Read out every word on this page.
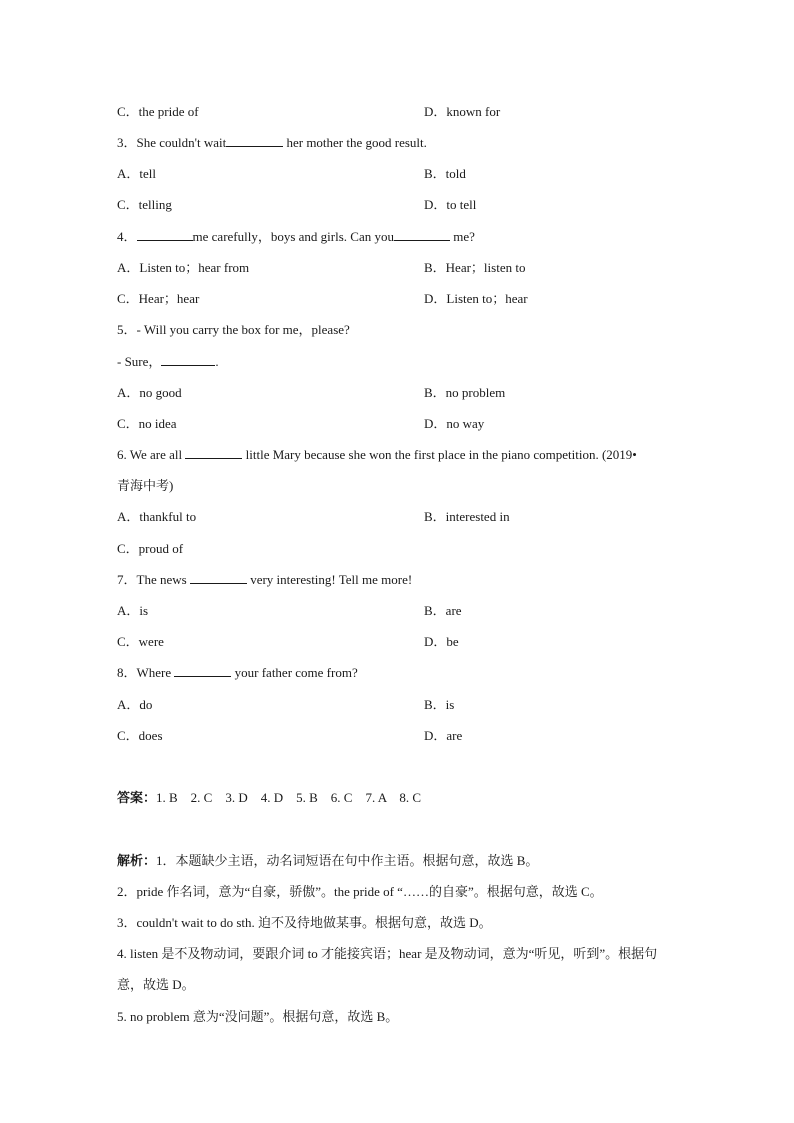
C．the pride of	D．known for
3．She couldn't wait	her mother the good result.
A．tell	B．told
C．telling	D．to tell
4．	me carefully，boys and girls. Can you	me?
A．Listen to；hear from	B．Hear；listen to
C．Hear；hear	D．Listen to；hear
5．- Will you carry the box for me，please?
- Sure，	.
A．no good	B．no problem
C．no idea	D．no way
6. We are all	little Mary because she won the first place in the piano competition. (2019•
青海中考)
A．thankful to	B．interested in
C．proud of
7．The news	very interesting! Tell me more!
A．is	B．are
C．were	D．be
8．Where	your father come from?
A．do	B．is
C．does	D．are
答案：1. B    2. C    3. D    4. D    5. B    6. C    7. A    8. C
解析：1．本题缺少主语，动名词短语在句中作主语。根据句意，故选 B。
2．pride 作名词，意为“自豪，骄傲”。the pride of “……的自豪”。根据句意，故选 C。
3．couldn't wait to do sth. 迫不及待地做某事。根据句意，故选 D。
4. listen 是不及物动词，要跟介词 to 才能接宾语；hear 是及物动词，意为“听见，听到”。根据句意，故选 D。
5. no problem 意为“没问题”。根据句意，故选 B。
